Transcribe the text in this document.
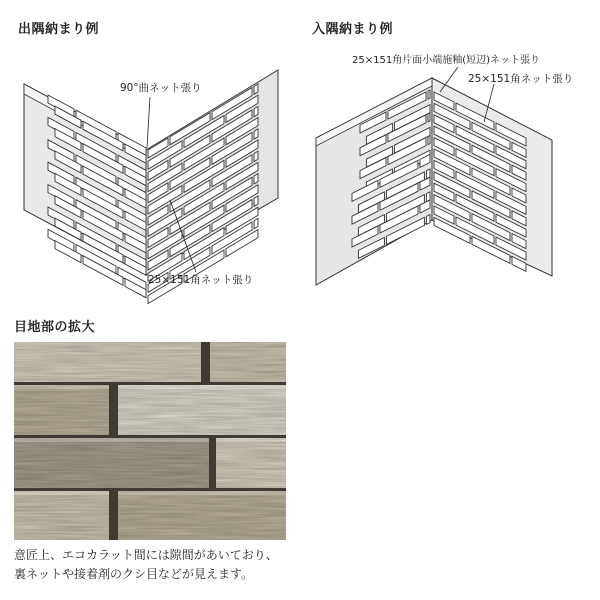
出隅納まり例
90°曲ネット張り
25×151角ネット張り
入隅納まり例
25×151角片面小端施釉(短辺)ネット張り
25×151角ネット張り
目地部の拡大
意匠上、エコカラット間には隙間があいており、
裏ネットや接着剤のクシ目などが見えます。
